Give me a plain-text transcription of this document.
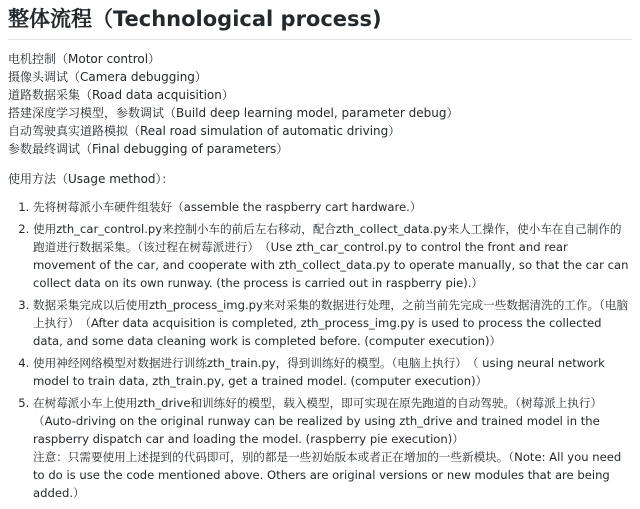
整体流程（Technological process)
电机控制（Motor control）
摄像头调试（Camera debugging）
道路数据采集（Road data acquisition）
搭建深度学习模型，参数调试（Build deep learning model, parameter debug）
自动驾驶真实道路模拟（Real road simulation of automatic driving）
参数最终调试（Final debugging of parameters）
使用方法（Usage method）：
1. 先将树莓派小车硬件组装好（assemble the raspberry cart hardware.）
2. 使用zth_car_control.py来控制小车的前后左右移动，配合zth_collect_data.py来人工操作，使小车在自己制作的跑道进行数据采集。（该过程在树莓派进行）　（Use zth_car_control.py to control the front and rear movement of the car, and cooperate with zth_collect_data.py to operate manually, so that the car can collect data on its own runway. (the process is carried out in raspberry pie).）
3. 数据采集完成以后使用zth_process_img.py来对采集的数据进行处理，之前当前先完成一些数据清洗的工作。（电脑上执行）　（After data acquisition is completed, zth_process_img.py is used to process the collected data, and some data cleaning work is completed before. (computer execution)）
4. 使用神经网络模型对数据进行训练zth_train.py，得到训练好的模型。（电脑上执行）　（ using neural network model to train data, zth_train.py, get a trained model. (computer execution)）
5. 在树莓派小车上使用zth_drive和训练好的模型，载入模型，即可实现在原先跑道的自动驾驶。（树莓派上执行）　（Auto-driving on the original runway can be realized by using zth_drive and trained model in the raspberry dispatch car and loading the model. (raspberry pie execution)）
注意：只需要使用上述提到的代码即可，别的都是一些初始版本或者正在增加的一些新模块。（Note: All you need to do is use the code mentioned above. Others are original versions or new modules that are being added.）
